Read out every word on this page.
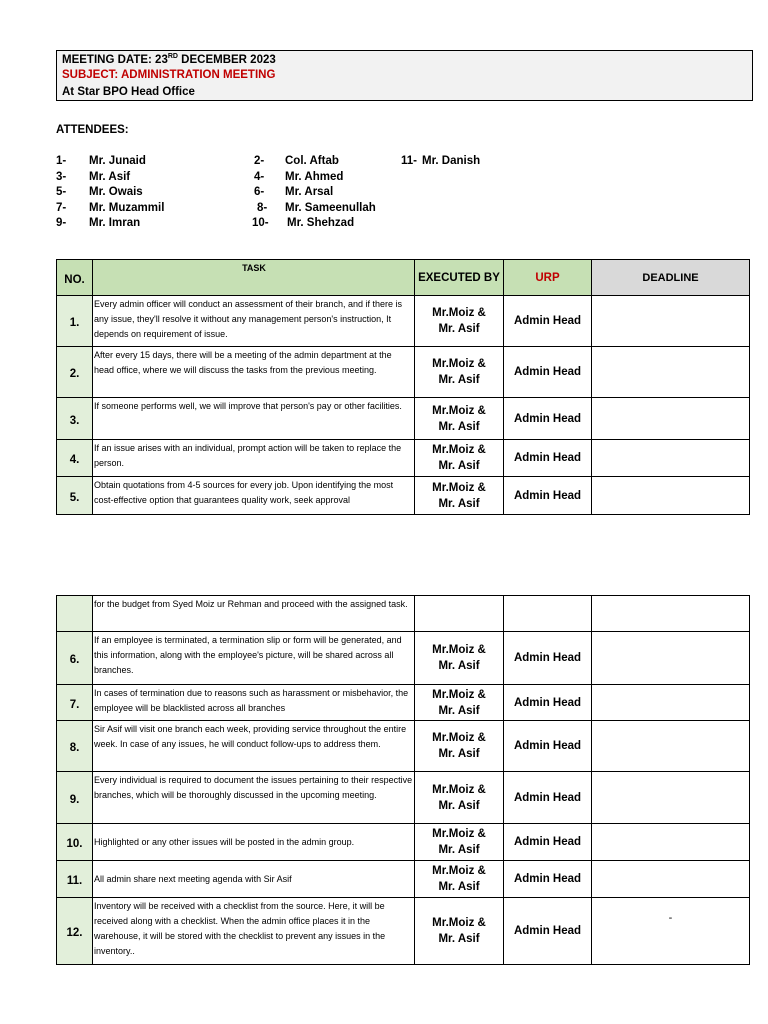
MEETING DATE: 23RD DECEMBER 2023
SUBJECT: ADMINISTRATION MEETING
At Star BPO Head Office
ATTENDEES:
1- Mr. Junaid	2- Col. Aftab	11- Mr. Danish
3- Mr. Asif	4- Mr. Ahmed
5- Mr. Owais	6- Mr. Arsal
7- Mr. Muzammil	8- Mr. Sameenullah
9- Mr. Imran	10- Mr. Shehzad
NO.	TASK	EXECUTED BY	URP	DEADLINE
1.	Every admin officer will conduct an assessment of their branch, and if there is any issue, they'll resolve it without any management person's instruction, It depends on requirement of issue.	Mr.Moiz &
Mr. Asif	Admin Head	
2.	After every 15 days, there will be a meeting of the admin department at the head office, where we will discuss the tasks from the previous meeting.	Mr.Moiz &
Mr. Asif	Admin Head	
3.	If someone performs well, we will improve that person's pay or other facilities.	Mr.Moiz &
Mr. Asif	Admin Head	
4.	If an issue arises with an individual, prompt action will be taken to replace the person.	Mr.Moiz &
Mr. Asif	Admin Head	
5.	Obtain quotations from 4-5 sources for every job. Upon identifying the most cost-effective option that guarantees quality work, seek approval	Mr.Moiz &
Mr. Asif	Admin Head	
	for the budget from Syed Moiz ur Rehman and proceed with the assigned task.			
6.	If an employee is terminated, a termination slip or form will be generated, and this information, along with the employee's picture, will be shared across all branches.	Mr.Moiz &
Mr. Asif	Admin Head	
7.	In cases of termination due to reasons such as harassment or misbehavior, the employee will be blacklisted across all branches	Mr.Moiz &
Mr. Asif	Admin Head	
8.	Sir Asif will visit one branch each week, providing service throughout the entire week. In case of any issues, he will conduct follow-ups to address them.	Mr.Moiz &
Mr. Asif	Admin Head	
9.	Every individual is required to document the issues pertaining to their respective branches, which will be thoroughly discussed in the upcoming meeting.	Mr.Moiz &
Mr. Asif	Admin Head	
10.	Highlighted or any other issues will be posted in the admin group.	Mr.Moiz &
Mr. Asif	Admin Head	
11.	All admin share next meeting agenda with Sir Asif	Mr.Moiz &
Mr. Asif	Admin Head	
12.	Inventory will be received with a checklist from the source. Here, it will be received along with a checklist. When the admin office places it in the warehouse, it will be stored with the checklist to prevent any issues in the inventory..	Mr.Moiz &
Mr. Asif	Admin Head	-
